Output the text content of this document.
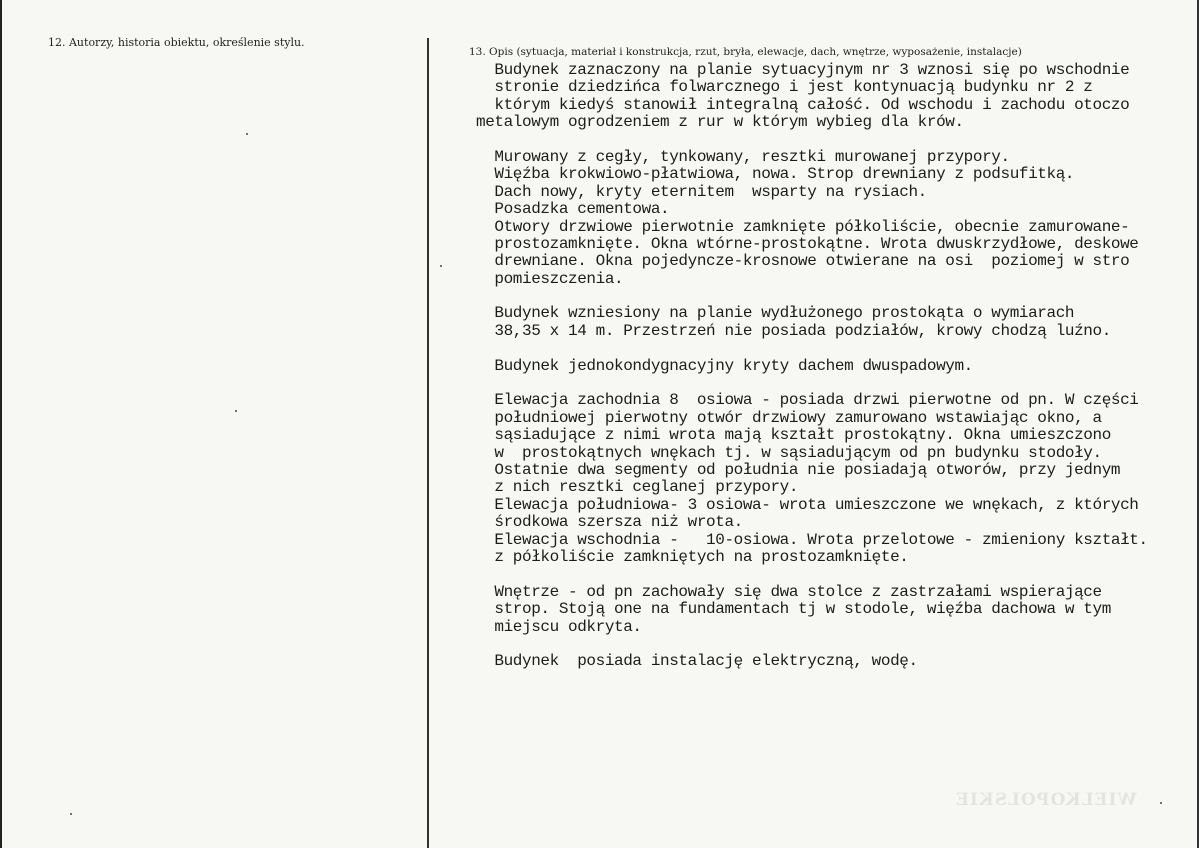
12. Autorzy, historia obiektu, określenie stylu.
13. Opis (sytuacja, materiał i konstrukcja, rzut, bryła, elewacje, dach, wnętrze, wyposażenie, instalacje)
Budynek zaznaczony na planie sytuacyjnym nr 3 wznosi się po wschodnie
stronie dziedzińca folwarcznego i jest kontynuacją budynku nr 2 z
którym kiedyś stanowił integralną całość. Od wschodu i zachodu otoczo
metalowym ogrodzeniem z rur w którym wybieg dla krów.
Murowany z cegły, tynkowany, resztki murowanej przypory.
Więźba krokwiowo-płatwiowa, nowa. Strop drewniany z podsufitką.
Dach nowy, kryty eternitem  wsparty na rysiach.
Posadzka cementowa.
Otwory drzwiowe pierwotnie zamknięte półkoliście, obecnie zamurowane-
prostozamknięte. Okna wtórne-prostokątne. Wrota dwuskrzydłowe, deskowe
drewniane. Okna pojedyncze-krosnowe otwierane na osi  poziomej w stro
pomieszczenia.
Budynek wzniesiony na planie wydłużonego prostokąta o wymiarach
38,35 x 14 m. Przestrzeń nie posiada podziałów, krowy chodzą luźno.
Budynek jednokondygnacyjny kryty dachem dwuspadowym.
Elewacja zachodnia 8  osiowa - posiada drzwi pierwotne od pn. W części
południowej pierwotny otwór drzwiowy zamurowano wstawiając okno, a
sąsiadujące z nimi wrota mają kształt prostokątny. Okna umieszczono
w  prostokątnych wnękach tj. w sąsiadującym od pn budynku stodoły.
Ostatnie dwa segmenty od południa nie posiadają otworów, przy jednym
z nich resztki ceglanej przypory.
Elewacja południowa- 3 osiowa- wrota umieszczone we wnękach, z których
środkowa szersza niż wrota.
Elewacja wschodnia -   10-osiowa. Wrota przelotowe - zmieniony kształt.
z półkoliście zamkniętych na prostozamknięte.
Wnętrze - od pn zachowały się dwa stolce z zastrzałami wspierające
strop. Stoją one na fundamentach tj w stodole, więźba dachowa w tym
miejscu odkryta.
Budynek  posiada instalację elektryczną, wodę.
WIELKOPOLSKIE
